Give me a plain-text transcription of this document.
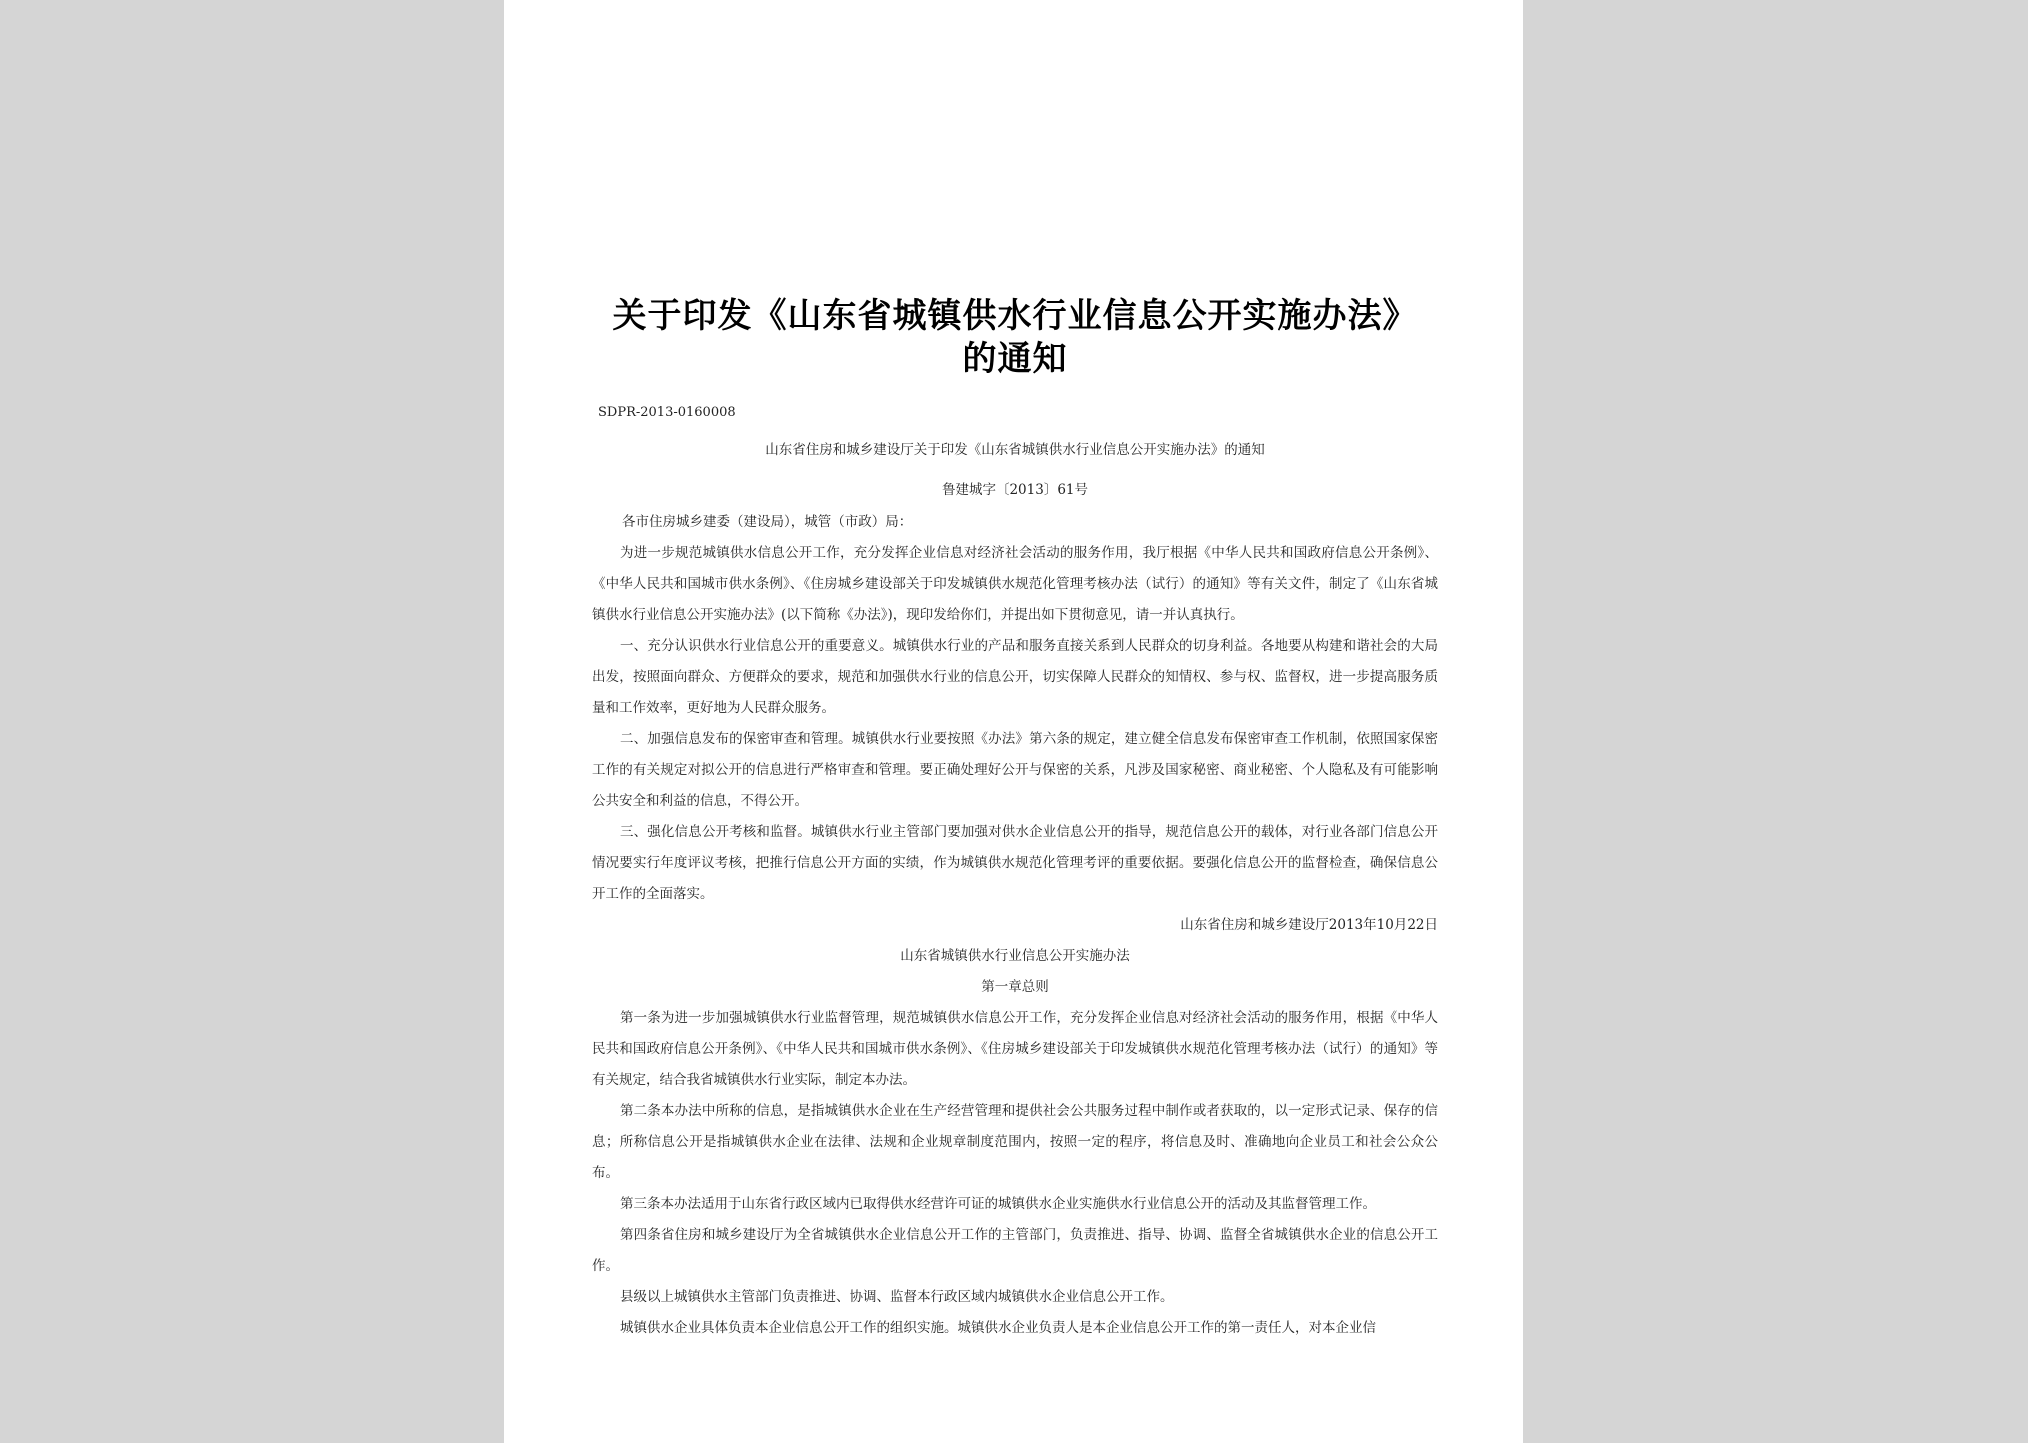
关于印发《山东省城镇供水行业信息公开实施办法》的通知
SDPR-2013-0160008
山东省住房和城乡建设厅关于印发《山东省城镇供水行业信息公开实施办法》的通知
鲁建城字〔2013〕61号
各市住房城乡建委（建设局），城管（市政）局：

为进一步规范城镇供水信息公开工作，充分发挥企业信息对经济社会活动的服务作用，我厅根据《中华人民共和国政府信息公开条例》、《中华人民共和国城市供水条例》、《住房城乡建设部关于印发城镇供水规范化管理考核办法（试行）的通知》等有关文件，制定了《山东省城镇供水行业信息公开实施办法》(以下简称《办法》)，现印发给你们，并提出如下贯彻意见，请一并认真执行。

一、充分认识供水行业信息公开的重要意义。城镇供水行业的产品和服务直接关系到人民群众的切身利益。各地要从构建和谐社会的大局出发，按照面向群众、方便群众的要求，规范和加强供水行业的信息公开，切实保障人民群众的知情权、参与权、监督权，进一步提高服务质量和工作效率，更好地为人民群众服务。

二、加强信息发布的保密审查和管理。城镇供水行业要按照《办法》第六条的规定，建立健全信息发布保密审查工作机制，依照国家保密工作的有关规定对拟公开的信息进行严格审查和管理。要正确处理好公开与保密的关系，凡涉及国家秘密、商业秘密、个人隐私及有可能影响公共安全和利益的信息，不得公开。

三、强化信息公开考核和监督。城镇供水行业主管部门要加强对供水企业信息公开的指导，规范信息公开的载体，对行业各部门信息公开情况要实行年度评议考核，把推行信息公开方面的实绩，作为城镇供水规范化管理考评的重要依据。要强化信息公开的监督检查，确保信息公开工作的全面落实。

山东省住房和城乡建设厅2013年10月22日
山东省城镇供水行业信息公开实施办法
第一章总则

第一条为进一步加强城镇供水行业监督管理，规范城镇供水信息公开工作，充分发挥企业信息对经济社会活动的服务作用，根据《中华人民共和国政府信息公开条例》、《中华人民共和国城市供水条例》、《住房城乡建设部关于印发城镇供水规范化管理考核办法（试行）的通知》等有关规定，结合我省城镇供水行业实际，制定本办法。

第二条本办法中所称的信息，是指城镇供水企业在生产经营管理和提供社会公共服务过程中制作或者获取的，以一定形式记录、保存的信息；所称信息公开是指城镇供水企业在法律、法规和企业规章制度范围内，按照一定的程序，将信息及时、准确地向企业员工和社会公众公布。

第三条本办法适用于山东省行政区域内已取得供水经营许可证的城镇供水企业实施供水行业信息公开的活动及其监督管理工作。

第四条省住房和城乡建设厅为全省城镇供水企业信息公开工作的主管部门，负责推进、指导、协调、监督全省城镇供水企业的信息公开工作。

县级以上城镇供水主管部门负责推进、协调、监督本行政区域内城镇供水企业信息公开工作。

城镇供水企业具体负责本企业信息公开工作的组织实施。城镇供水企业负责人是本企业信息公开工作的第一责任人，对本企业信
